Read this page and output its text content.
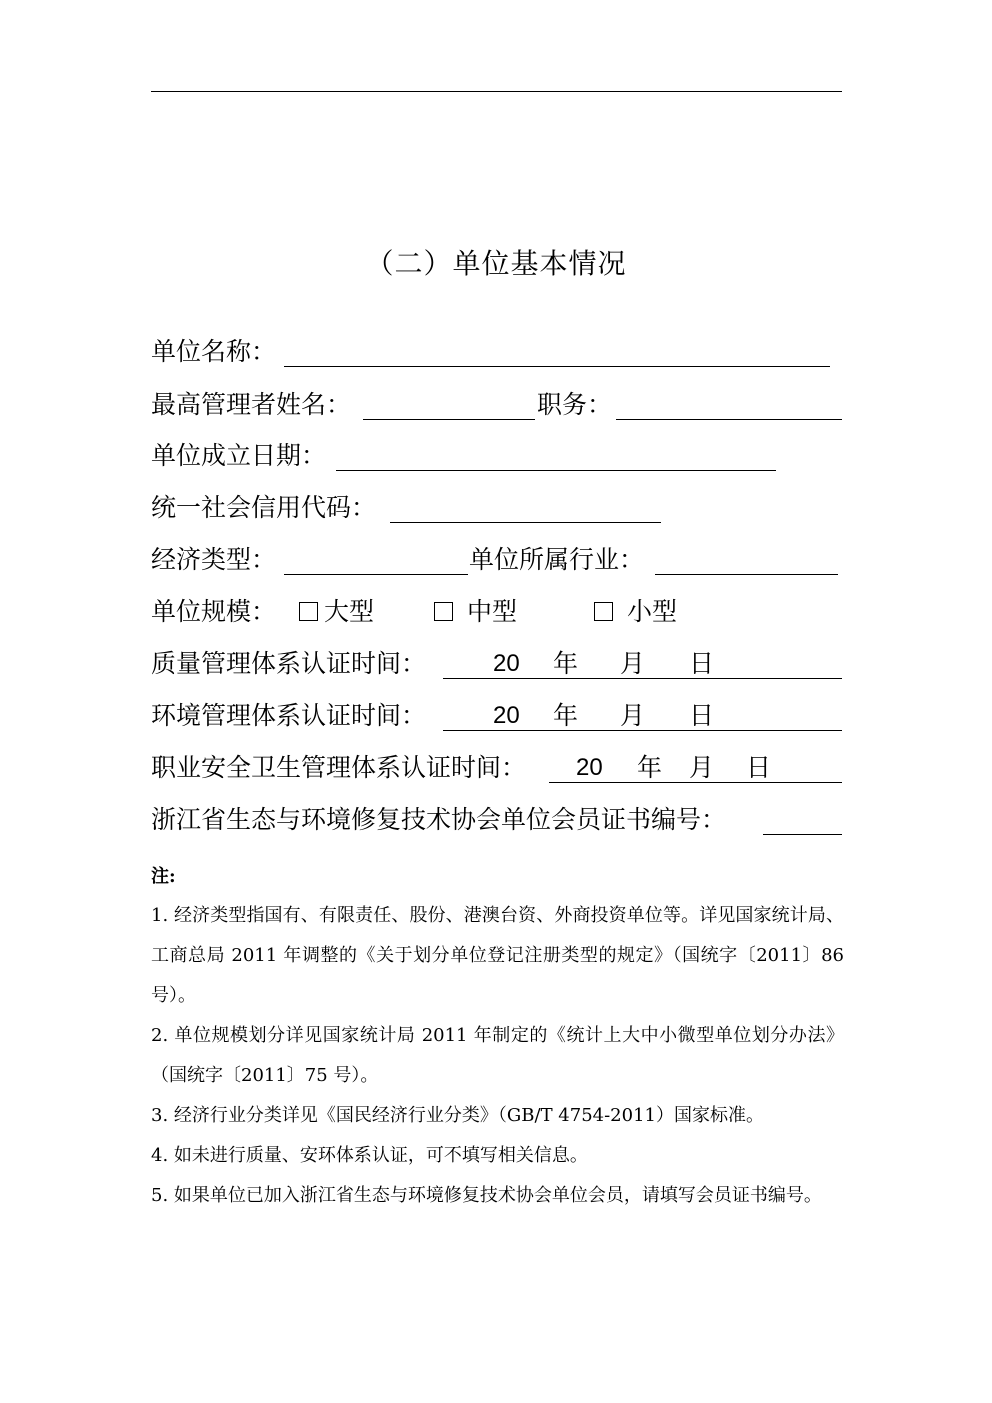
（二）单位基本情况
单位名称：
最高管理者姓名：	职务：
单位成立日期：
统一社会信用代码：
经济类型：	单位所属行业：
单位规模：	大型	中型	小型
质量管理体系认证时间：	20 年 月 日
环境管理体系认证时间：	20 年 月 日
职业安全卫生管理体系认证时间： 20 年 月 日
浙江省生态与环境修复技术协会单位会员证书编号：
注:

1. 经济类型指国有、有限责任、股份、港澳台资、外商投资单位等。详见国家统计局、工商总局 2011 年调整的《关于划分单位登记注册类型的规定》（国统字〔2011〕86 号）。

2. 单位规模划分详见国家统计局 2011 年制定的《统计上大中小微型单位划分办法》（国统字〔2011〕75 号）。

3. 经济行业分类详见《国民经济行业分类》（GB/T 4754-2011）国家标准。

4. 如未进行质量、安环体系认证，可不填写相关信息。

5. 如果单位已加入浙江省生态与环境修复技术协会单位会员，请填写会员证书编号。
